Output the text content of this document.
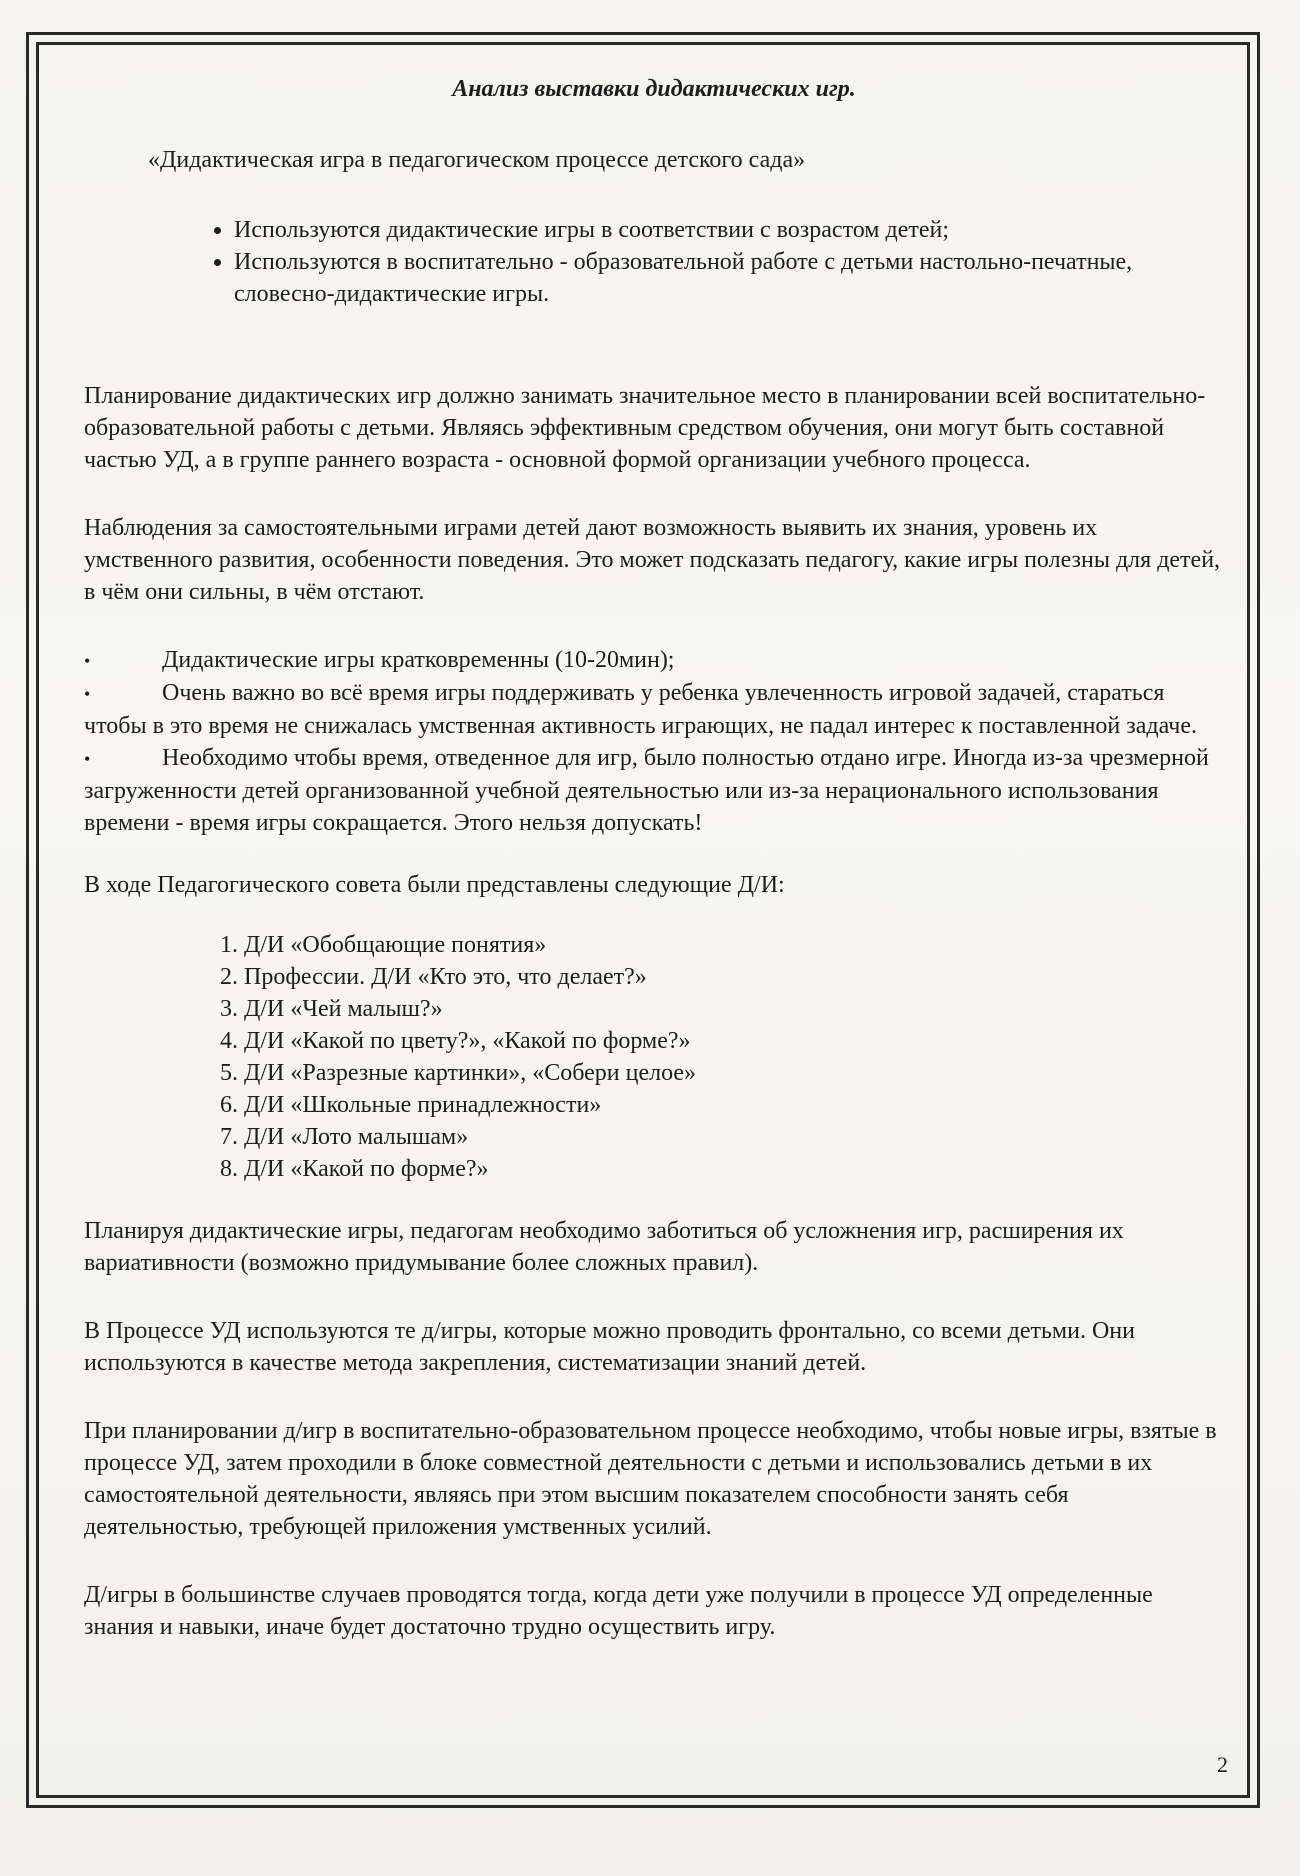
Анализ выставки дидактических игр.
«Дидактическая игра в педагогическом процессе детского сада»
• Используются дидактические игры в соответствии с возрастом детей;
• Используются в воспитательно - образовательной работе с детьми настольно-печатные, словесно-дидактические игры.

Планирование дидактических игр должно занимать значительное место в планировании всей воспитательно-образовательной работы с детьми. Являясь эффективным средством обучения, они могут быть составной частью УД, а в группе раннего возраста - основной формой организации учебного процесса.

Наблюдения за самостоятельными играми детей дают возможность выявить их знания, уровень их умственного развития, особенности поведения. Это может подсказать педагогу, какие игры полезны для детей, в чём они сильны, в чём отстают.

•	Дидактические игры кратковременны (10-20мин);
•	Очень важно во всё время игры поддерживать у ребенка увлеченность игровой задачей, стараться чтобы в это время не снижалась умственная активность играющих, не падал интерес к поставленной задаче.
•	Необходимо чтобы время, отведенное для игр, было полностью отдано игре. Иногда из-за чрезмерной загруженности детей организованной учебной деятельностью или из-за нерационального использования времени - время игры сокращается. Этого нельзя допускать!

В ходе Педагогического совета были представлены следующие Д/И:

1. Д/И «Обобщающие понятия»
2. Профессии. Д/И «Кто это, что делает?»
3. Д/И «Чей малыш?»
4. Д/И «Какой по цвету?», «Какой по форме?»
5. Д/И «Разрезные картинки», «Собери целое»
6. Д/И «Школьные принадлежности»
7. Д/И «Лото малышам»
8. Д/И «Какой по форме?»

Планируя дидактические игры, педагогам необходимо заботиться об усложнения игр, расширения их вариативности (возможно придумывание более сложных правил).

В Процессе УД используются те д/игры, которые можно проводить фронтально, со всеми детьми. Они используются в качестве метода закрепления, систематизации знаний детей.

При планировании д/игр в воспитательно-образовательном процессе необходимо, чтобы новые игры, взятые в процессе УД, затем проходили в блоке совместной деятельности с детьми и использовались детьми в их самостоятельной деятельности, являясь при этом высшим показателем способности занять себя деятельностью, требующей приложения умственных усилий.

Д/игры в большинстве случаев проводятся тогда, когда дети уже получили в процессе УД определенные знания и навыки, иначе будет достаточно трудно осуществить игру.

2
